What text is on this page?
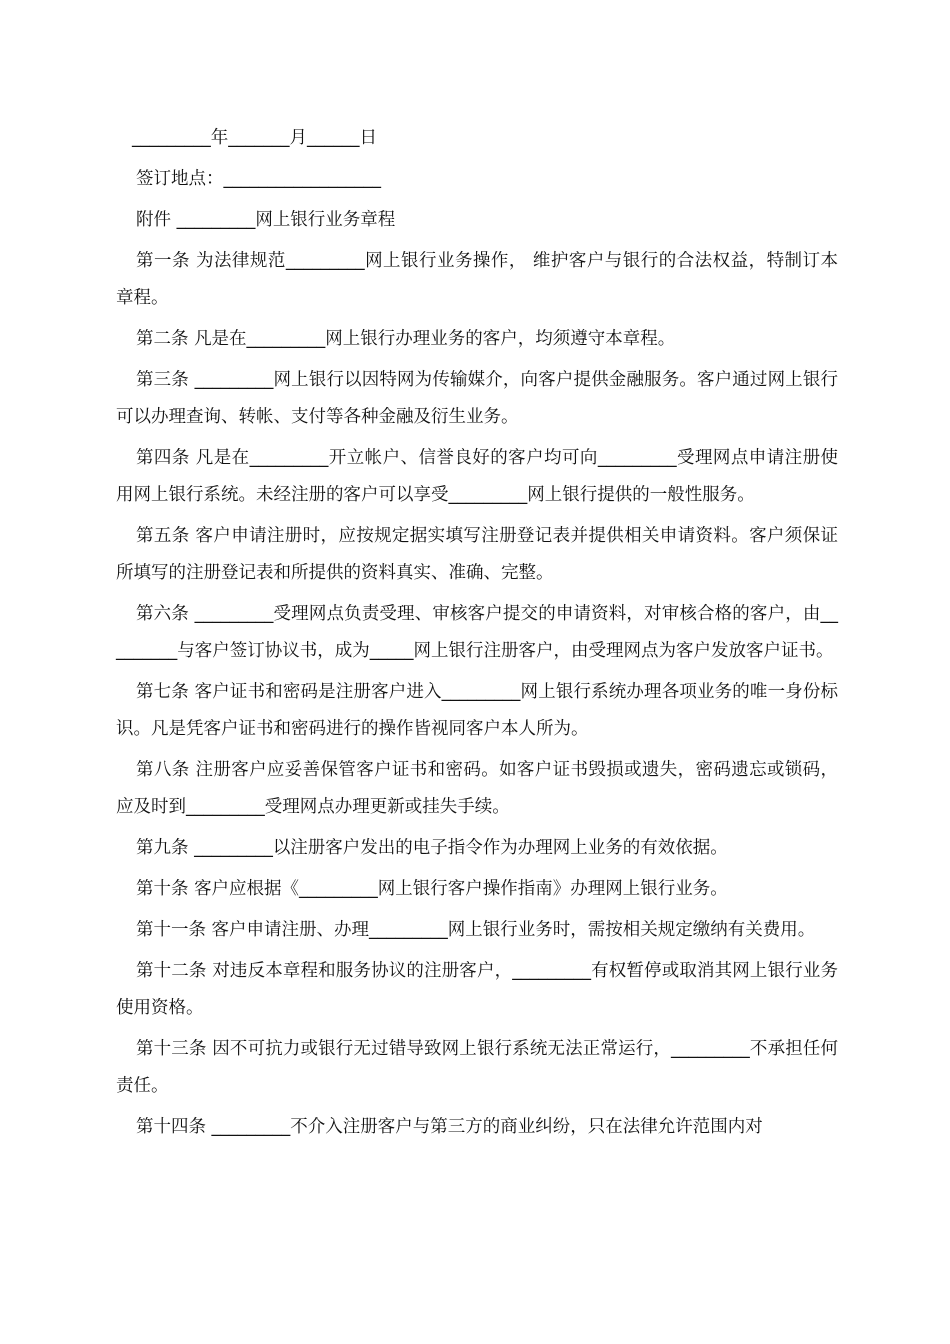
_________年_______月______日

签订地点：__________________

附件 _________网上银行业务章程

第一条 为法律规范_________网上银行业务操作， 维护客户与银行的合法权益，特制订本章程。

第二条 凡是在_________网上银行办理业务的客户，均须遵守本章程。

第三条 _________网上银行以因特网为传输媒介，向客户提供金融服务。客户通过网上银行可以办理查询、转帐、支付等各种金融及衍生业务。

第四条 凡是在_________开立帐户、信誉良好的客户均可向_________受理网点申请注册使用网上银行系统。未经注册的客户可以享受_________网上银行提供的一般性服务。

第五条 客户申请注册时，应按规定据实填写注册登记表并提供相关申请资料。客户须保证所填写的注册登记表和所提供的资料真实、准确、完整。

第六条 _________受理网点负责受理、审核客户提交的申请资料，对审核合格的客户，由_________与客户签订协议书，成为_____网上银行注册客户，由受理网点为客户发放客户证书。

第七条 客户证书和密码是注册客户进入_________网上银行系统办理各项业务的唯一身份标识。凡是凭客户证书和密码进行的操作皆视同客户本人所为。

第八条 注册客户应妥善保管客户证书和密码。如客户证书毁损或遗失，密码遗忘或锁码，应及时到_________受理网点办理更新或挂失手续。

第九条 _________以注册客户发出的电子指令作为办理网上业务的有效依据。

第十条 客户应根据《_________网上银行客户操作指南》办理网上银行业务。

第十一条 客户申请注册、办理_________网上银行业务时，需按相关规定缴纳有关费用。

第十二条 对违反本章程和服务协议的注册客户，_________有权暂停或取消其网上银行业务使用资格。

第十三条 因不可抗力或银行无过错导致网上银行系统无法正常运行，_________不承担任何责任。

第十四条 _________不介入注册客户与第三方的商业纠纷，只在法律允许范围内对
